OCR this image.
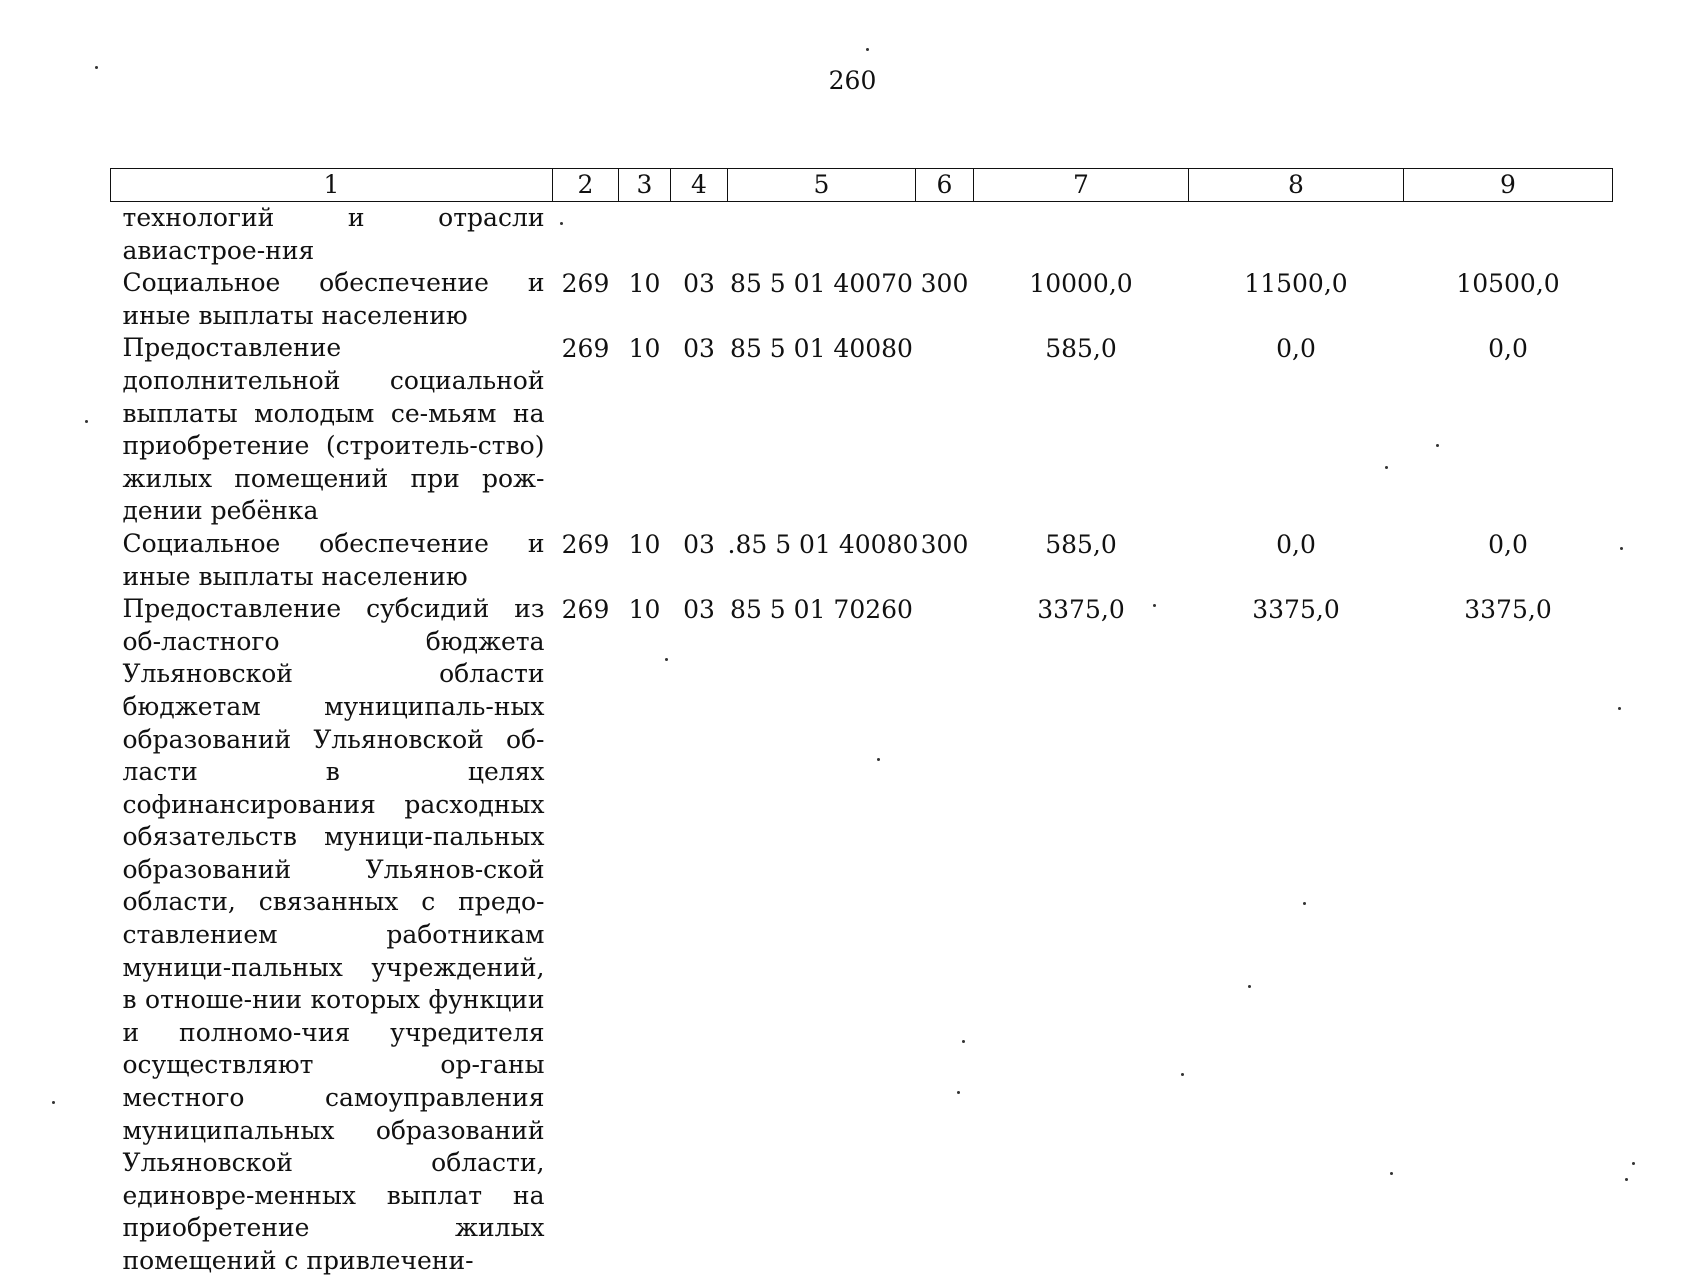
260
1	2	3	4	5	6	7	8	9
технологий и отрасли авиастрое-ния								
Социальное обеспечение и иные выплаты населению	269	10	03	85 5 01 40070	300	10000,0	11500,0	10500,0
Предоставление дополнительной социальной выплаты молодым се-мьям на приобретение (строитель-ство) жилых помещений при рож-дении ребёнка	269	10	03	85 5 01 40080		585,0	0,0	0,0
Социальное обеспечение и иные выплаты населению	269	10	03	.85 5 01 40080	300	585,0	0,0	0,0
Предоставление субсидий из об-ластного бюджета Ульяновской области бюджетам муниципаль-ных образований Ульяновской об-ласти в целях софинансирования расходных обязательств муници-пальных образований Ульянов-ской области, связанных с предо-ставлением работникам муници-пальных учреждений, в отноше-нии которых функции и полномо-чия учредителя осуществляют ор-ганы местного самоуправления муниципальных образований Ульяновской области, единовре-менных выплат на приобретение жилых помещений с привлечени-	269	10	03	85 5 01 70260		3375,0	3375,0	3375,0
